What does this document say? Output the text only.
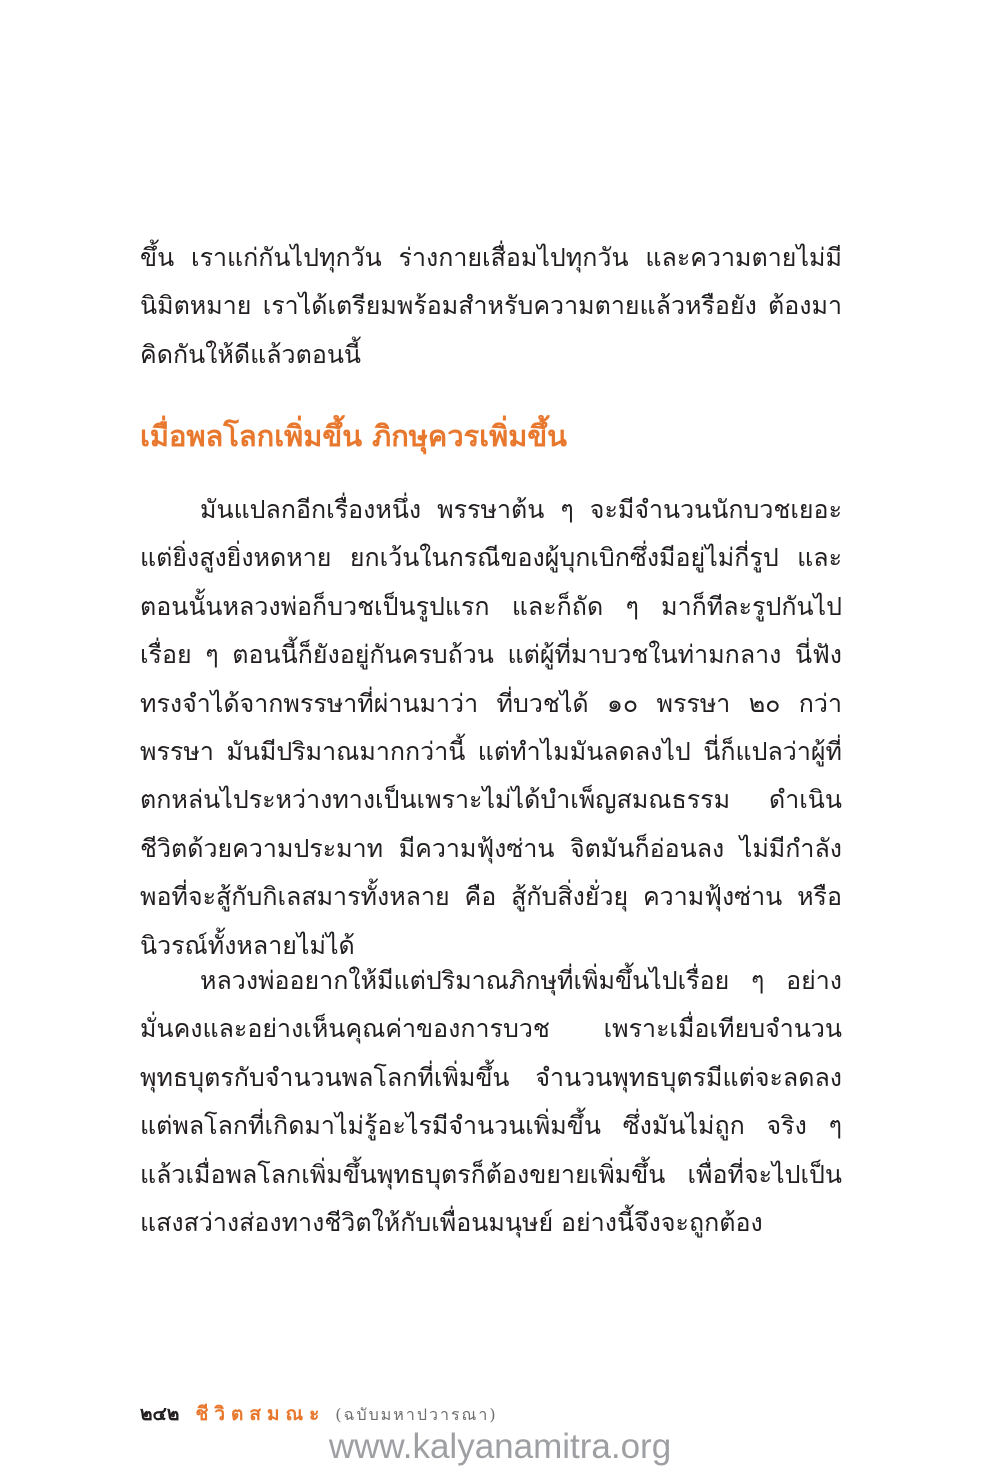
ขึ้น เราแก่กันไปทุกวัน ร่างกายเสื่อมไปทุกวัน และความตายไม่มีนิมิตหมาย เราได้เตรียมพร้อมสำหรับความตายแล้วหรือยัง ต้องมาคิดกันให้ดีแล้วตอนนี้

เมื่อพลโลกเพิ่มขึ้น ภิกษุควรเพิ่มขึ้น

มันแปลกอีกเรื่องหนึ่ง พรรษาต้น ๆ จะมีจำนวนนักบวชเยอะ แต่ยิ่งสูงยิ่งหดหาย ยกเว้นในกรณีของผู้บุกเบิกซึ่งมีอยู่ไม่กี่รูป และตอนนั้นหลวงพ่อก็บวชเป็นรูปแรก และก็ถัด ๆ มาก็ทีละรูปกันไปเรื่อย ๆ ตอนนี้ก็ยังอยู่กันครบถ้วน แต่ผู้ที่มาบวชในท่ามกลาง นี่ฟังทรงจำได้จากพรรษาที่ผ่านมาว่า ที่บวชได้ ๑๐ พรรษา ๒๐ กว่าพรรษา มันมีปริมาณมากกว่านี้ แต่ทำไมมันลดลงไป นี่ก็แปลว่าผู้ที่ตกหล่นไประหว่างทางเป็นเพราะไม่ได้บำเพ็ญสมณธรรม ดำเนินชีวิตด้วยความประมาท มีความฟุ้งซ่าน จิตมันก็อ่อนลง ไม่มีกำลังพอที่จะสู้กับกิเลสมารทั้งหลาย คือ สู้กับสิ่งยั่วยุ ความฟุ้งซ่าน หรือนิวรณ์ทั้งหลายไม่ได้

หลวงพ่ออยากให้มีแต่ปริมาณภิกษุที่เพิ่มขึ้นไปเรื่อย ๆ อย่างมั่นคงและอย่างเห็นคุณค่าของการบวช เพราะเมื่อเทียบจำนวนพุทธบุตรกับจำนวนพลโลกที่เพิ่มขึ้น จำนวนพุทธบุตรมีแต่จะลดลง แต่พลโลกที่เกิดมาไม่รู้อะไรมีจำนวนเพิ่มขึ้น ซึ่งมันไม่ถูก จริง ๆ แล้วเมื่อพลโลกเพิ่มขึ้นพุทธบุตรก็ต้องขยายเพิ่มขึ้น เพื่อที่จะไปเป็นแสงสว่างส่องทางชีวิตให้กับเพื่อนมนุษย์ อย่างนี้จึงจะถูกต้อง

๒๔๒ ชีวิตสมณะ (ฉบับมหาปวารณา)
www.kalyanamitra.org
